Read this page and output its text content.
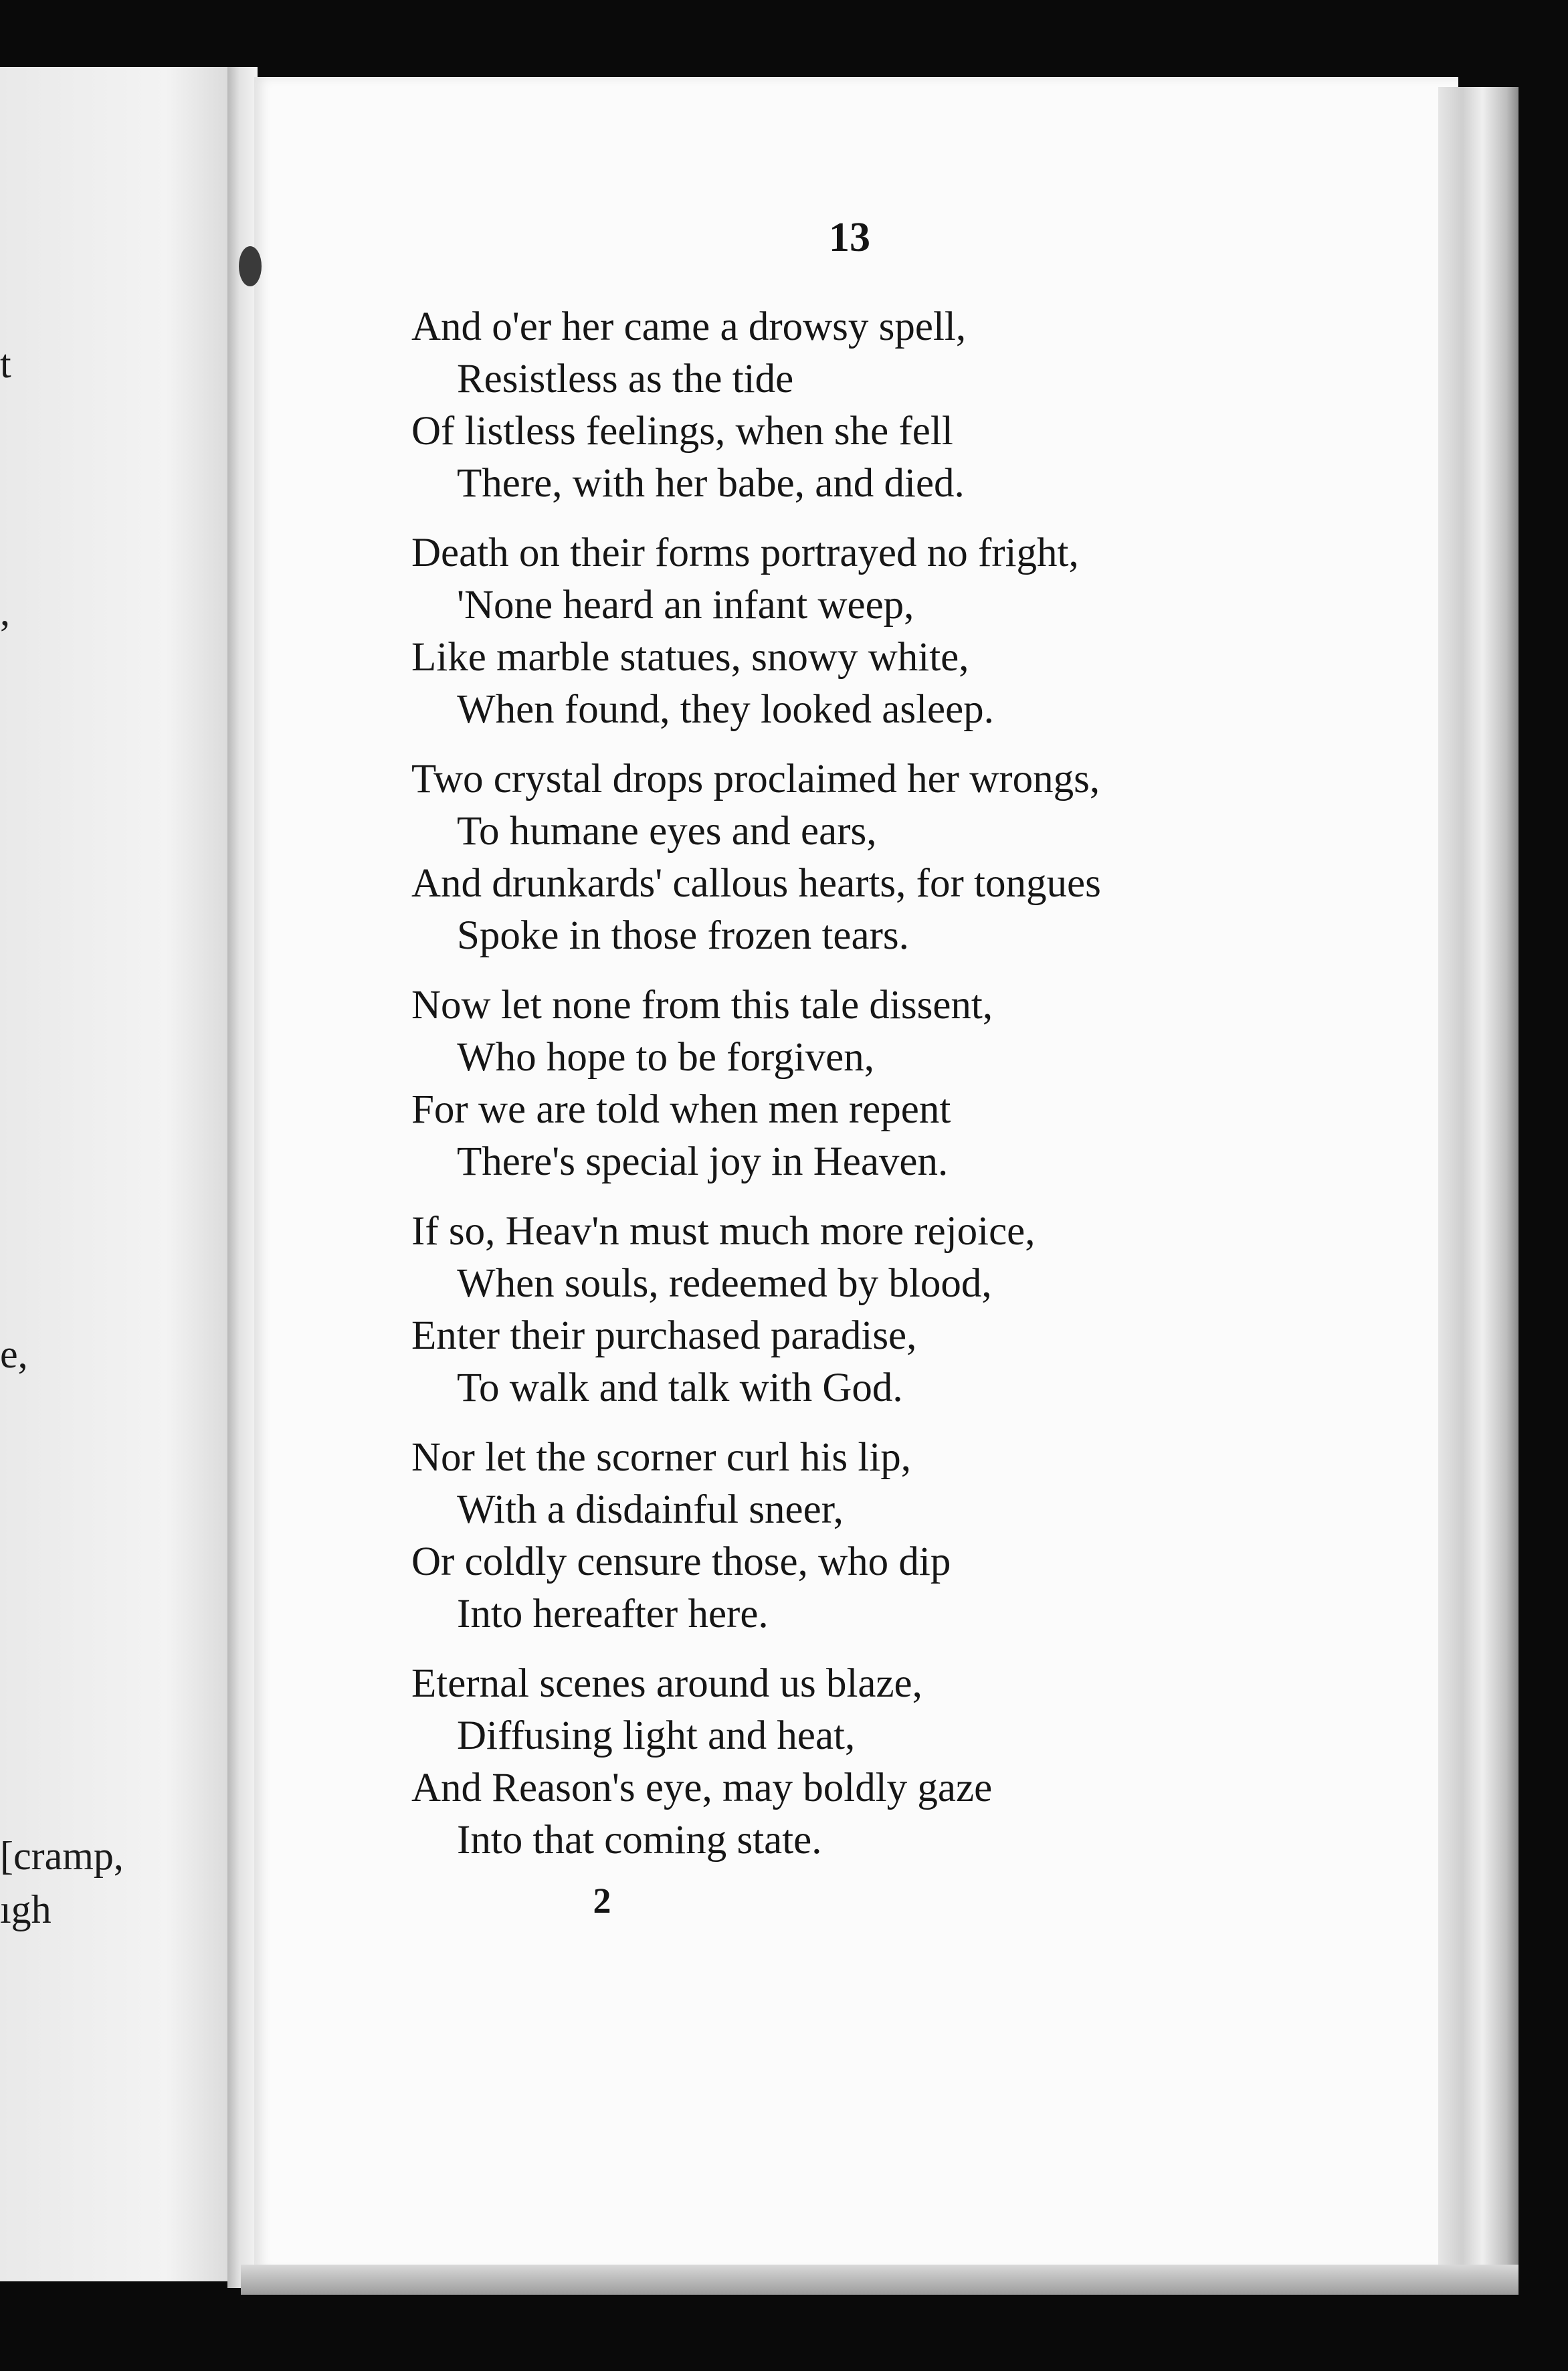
t
,
e,
[cramp,
ıgh
13
And o'er her came a drowsy spell,
Resistless as the tide
Of listless feelings, when she fell
There, with her babe, and died.
Death on their forms portrayed no fright,
'None heard an infant weep,
Like marble statues, snowy white,
When found, they looked asleep.
Two crystal drops proclaimed her wrongs,
To humane eyes and ears,
And drunkards' callous hearts, for tongues
Spoke in those frozen tears.
Now let none from this tale dissent,
Who hope to be forgiven,
For we are told when men repent
There's special joy in Heaven.
If so, Heav'n must much more rejoice,
When souls, redeemed by blood,
Enter their purchased paradise,
To walk and talk with God.
Nor let the scorner curl his lip,
With a disdainful sneer,
Or coldly censure those, who dip
Into hereafter here.
Eternal scenes around us blaze,
Diffusing light and heat,
And Reason's eye, may boldly gaze
Into that coming state.
2
